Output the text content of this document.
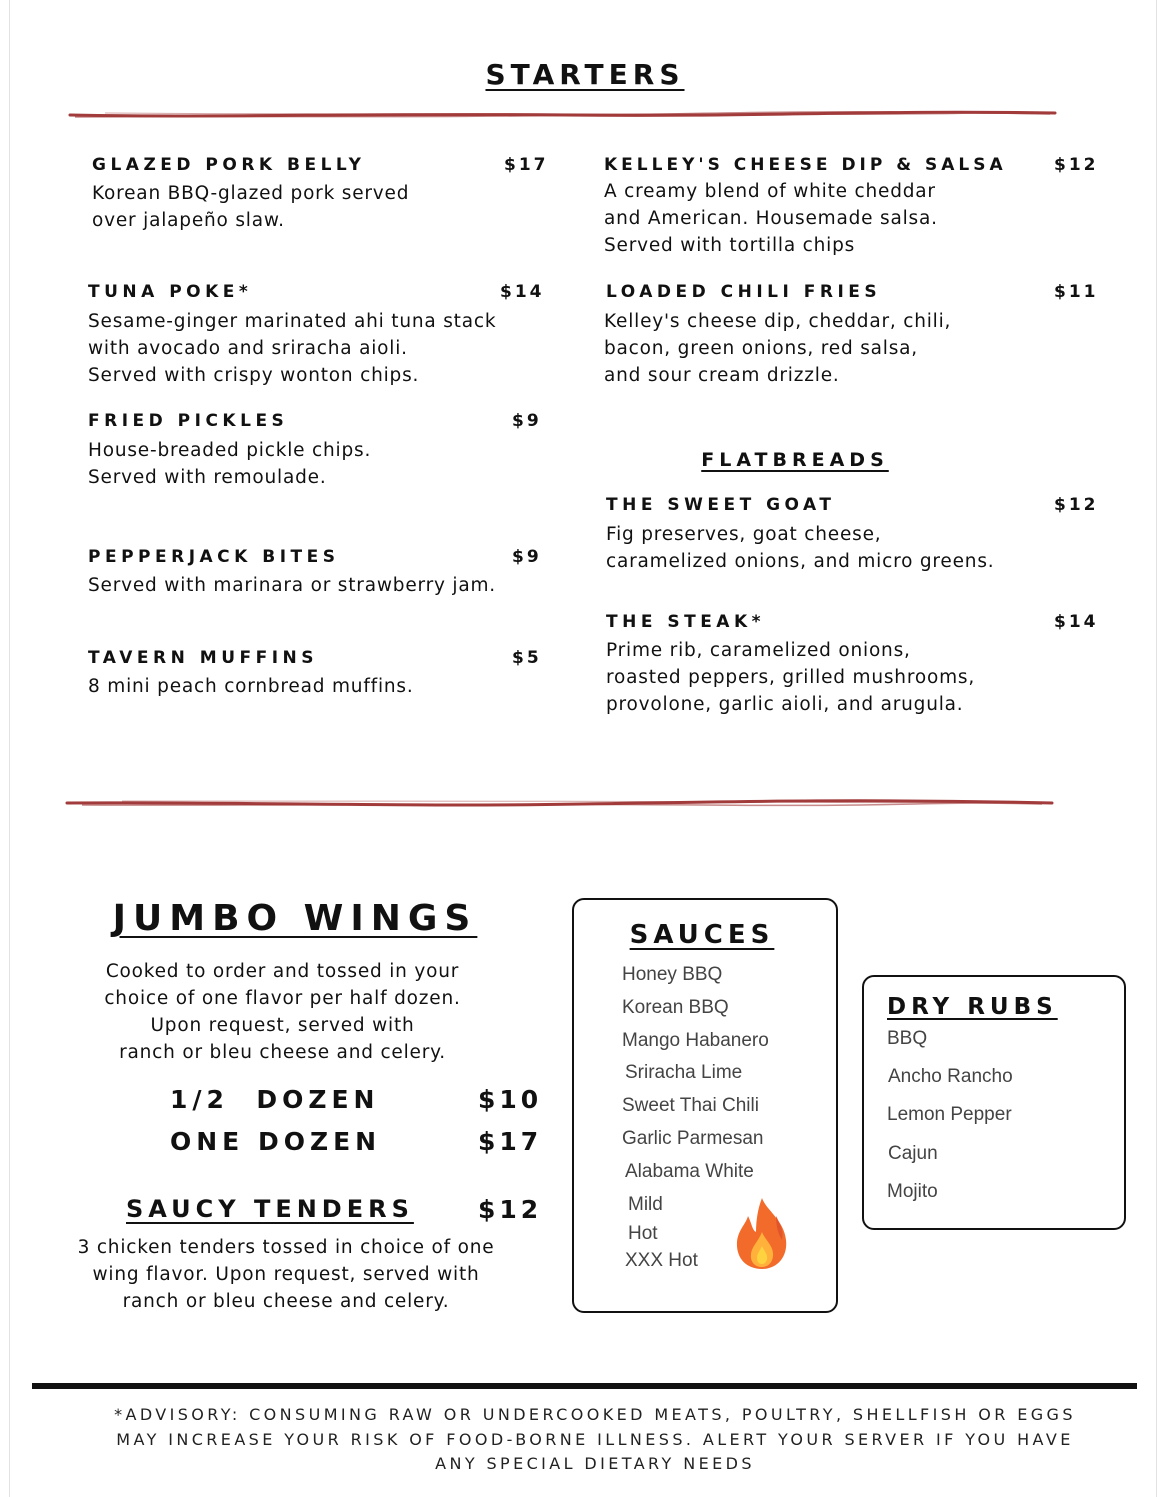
STARTERS
GLAZED PORK BELLY	$17
Korean BBQ-glazed pork served
over jalapeño slaw.
TUNA POKE*	$14
Sesame-ginger marinated ahi tuna stack
with avocado and sriracha aioli.
Served with crispy wonton chips.
FRIED PICKLES	$9
House-breaded pickle chips.
Served with remoulade.
PEPPERJACK BITES	$9
Served with marinara or strawberry jam.
TAVERN MUFFINS	$5
8 mini peach cornbread muffins.
KELLEY'S CHEESE DIP & SALSA	$12
A creamy blend of white cheddar
and American. Housemade salsa.
Served with tortilla chips
LOADED CHILI FRIES	$11
Kelley's cheese dip, cheddar, chili,
bacon, green onions, red salsa,
and sour cream drizzle.
FLATBREADS
THE SWEET GOAT	$12
Fig preserves, goat cheese,
caramelized onions, and micro greens.
THE STEAK*	$14
Prime rib, caramelized onions,
roasted peppers, grilled mushrooms,
provolone, garlic aioli, and arugula.
JUMBO WINGS
Cooked to order and tossed in your
choice of one flavor per half dozen.
Upon request, served with
ranch or bleu cheese and celery.
1/2  DOZEN	$10
ONE DOZEN	$17
SAUCY TENDERS	$12
3 chicken tenders tossed in choice of one
wing flavor. Upon request, served with
ranch or bleu cheese and celery.
SAUCES
Honey BBQ
Korean BBQ
Mango Habanero
Sriracha Lime
Sweet Thai Chili
Garlic Parmesan
Alabama White
Mild
Hot
XXX Hot
DRY RUBS
BBQ
Ancho Rancho
Lemon Pepper
Cajun
Mojito
*ADVISORY: CONSUMING RAW OR UNDERCOOKED MEATS, POULTRY, SHELLFISH OR EGGS
MAY INCREASE YOUR RISK OF FOOD-BORNE ILLNESS. ALERT YOUR SERVER IF YOU HAVE
ANY SPECIAL DIETARY NEEDS
